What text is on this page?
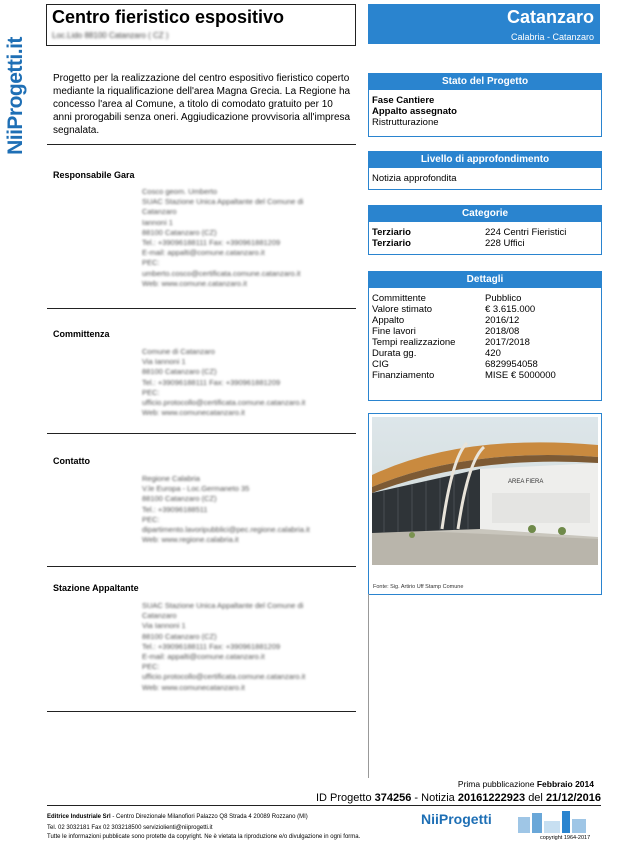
NiiProgetti.it
Centro fieristico espositivo
Loc.Lido 88100 Catanzaro ( CZ )
Catanzaro
Calabria - Catanzaro
Progetto per la realizzazione del centro espositivo fieristico coperto mediante la riqualificazione dell'area Magna Grecia. La Regione ha concesso l'area al Comune, a titolo di comodato gratuito per 10 anni prorogabili senza oneri. Aggiudicazione provvisoria all'impresa segnalata.
Responsabile Gara
Cosco geom. Umberto
SUAC Stazione Unica Appaltante del Comune di
Catanzaro
Iannoni 1
88100 Catanzaro (CZ)
Tel.: +39096188111 Fax: +390961881209
E-mail: appalti@comune.catanzaro.it
PEC:
umberto.cosco@certificata.comune.catanzaro.it
Web: www.comune.catanzaro.it
Committenza
Comune di Catanzaro
Via Iannoni 1
88100 Catanzaro (CZ)
Tel.: +39096188111 Fax: +390961881209
PEC:
ufficio.protocollo@certificata.comune.catanzaro.it
Web: www.comunecatanzaro.it
Contatto
Regione Calabria
V.le Europa - Loc.Germaneto 35
88100 Catanzaro (CZ)
Tel.: +39096188511
PEC:
dipartimento.lavoripubblici@pec.regione.calabria.it
Web: www.regione.calabria.it
Stazione Appaltante
SUAC Stazione Unica Appaltante del Comune di
Catanzaro
Via Iannoni 1
88100 Catanzaro (CZ)
Tel.: +39096188111 Fax: +390961881209
E-mail: appalti@comune.catanzaro.it
PEC:
ufficio.protocollo@certificata.comune.catanzaro.it
Web: www.comunecatanzaro.it
Stato del Progetto
Fase Cantiere
Appalto assegnato
Ristrutturazione
Livello di approfondimento
Notizia approfondita
Categorie
Terziario	224 Centri Fieristici
Terziario	228 Uffici
Dettagli
Committente	Pubblico
Valore stimato	€ 3.615.000
Appalto	2016/12
Fine lavori	2018/08
Tempi realizzazione	2017/2018
Durata gg.	420
CIG	6829954058
Finanziamento	MISE € 5000000
AREA FIERA
Fonte: Sig. Artirio Uff Stamp Comune
Prima pubblicazione Febbraio 2014
ID Progetto 374256 - Notizia 20161222923 del 21/12/2016
Editrice Industriale Srl - Centro Direzionale Milanofiori Palazzo Q8 Strada 4 20089 Rozzano (MI)
Tel. 02 3032181 Fax 02 303218500 serviziolienti@niiprogetti.it
Tutte le informazioni pubblicate sono protette da copyright. Ne è vietata la riproduzione e/o divulgazione in ogni forma.
NiiProgetti
copyright 1964-2017
